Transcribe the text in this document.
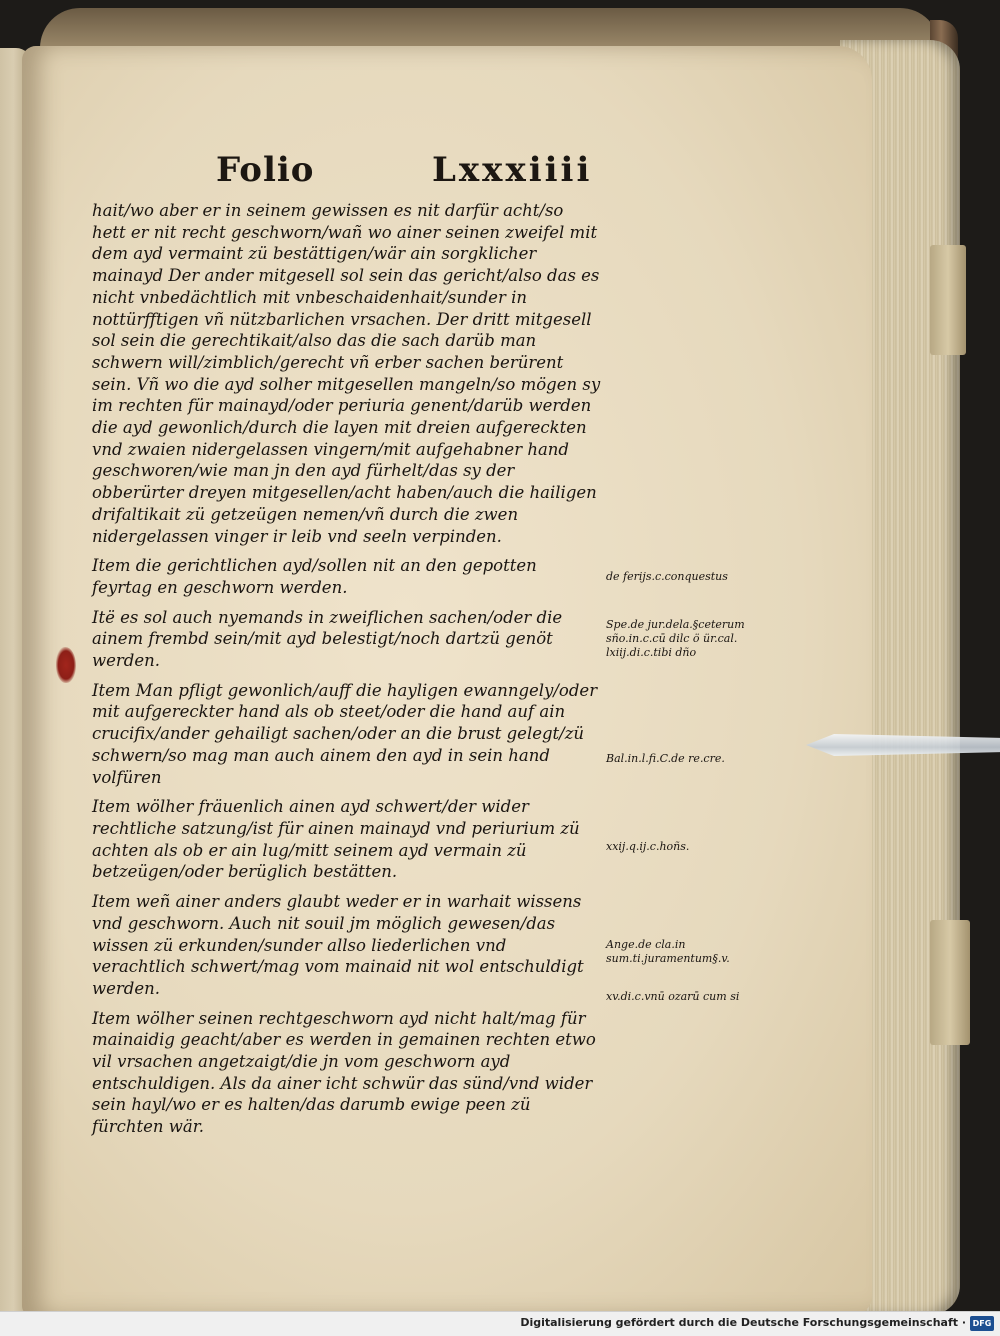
Folio	Lxxxiiii

hait/wo aber er in seinem gewissen es nit darfür acht/so hett er nit recht geschworn/wañ wo ainer seinen zweifel mit dem ayd vermaint zü bestättigen/wär ain sorgklicher mainayd Der ander mitgesell sol sein das gericht/also das es nicht vnbedächtlich mit vnbeschaidenhait/sunder in nottürfftigen vñ nützbarlichen vrsachen. Der dritt mitgesell sol sein die gerechtikait/also das die sach darüb man schwern will/zimblich/gerecht vñ erber sachen berürent sein. Vñ wo die ayd solher mitgesellen mangeln/so mögen sy im rechten für mainayd/oder periuria genent/darüb werden die ayd gewonlich/durch die layen mit dreien aufgereckten vnd zwaien nidergelassen vingern/mit aufgehabner hand geschworen/wie man jn den ayd fürhelt/das sy der obberürter dreyen mitgesellen/acht haben/auch die hailigen drifaltikait zü getzeügen nemen/vñ durch die zwen nidergelassen vinger ir leib vnd seeln verpinden.

Item die gerichtlichen ayd/sollen nit an den gepotten feyrtag en geschworn werden.

Itë es sol auch nyemands in zweiflichen sachen/oder die ainem frembd sein/mit ayd belestigt/noch dartzü genöt werden.

Item Man pfligt gewonlich/auff die hayligen ewanngely/oder mit aufgereckter hand als ob steet/oder die hand auf ain crucifix/ander gehailigt sachen/oder an die brust gelegt/zü schwern/so mag man auch ainem den ayd in sein hand volfüren

Item wölher fräuenlich ainen ayd schwert/der wider rechtliche satzung/ist für ainen mainayd vnd periurium zü achten als ob er ain lug/mitt seinem ayd vermain zü betzeügen/oder berüglich bestätten.

Item weñ ainer anders glaubt weder er in warhait wissens vnd geschworn. Auch nit souil jm möglich gewesen/das wissen zü erkunden/sunder allso liederlichen vnd verachtlich schwert/mag vom mainaid nit wol entschuldigt werden.

Item wölher seinen rechtgeschworn ayd nicht halt/mag für mainaidig geacht/aber es werden in gemainen rechten etwo vil vrsachen angetzaigt/die jn vom geschworn ayd entschuldigen. Als da ainer icht schwür das sünd/vnd wider sein hayl/wo er es halten/das darumb ewige peen zü fürchten wär.

de ferijs.c.conquestus
Spe.de jur.dela.§ceterum sño.in.c.cū dilc ö ür.cal. lxiij.di.c.tibi dño
Bal.in.l.fi.C.de re.cre.
xxij.q.ij.c.hoñs.
Ange.de cla.in sum.ti.juramentum§.v.
xv.di.c.vnū ozarū cum si
Digitalisierung gefördert durch die Deutsche Forschungsgemeinschaft · DFG
